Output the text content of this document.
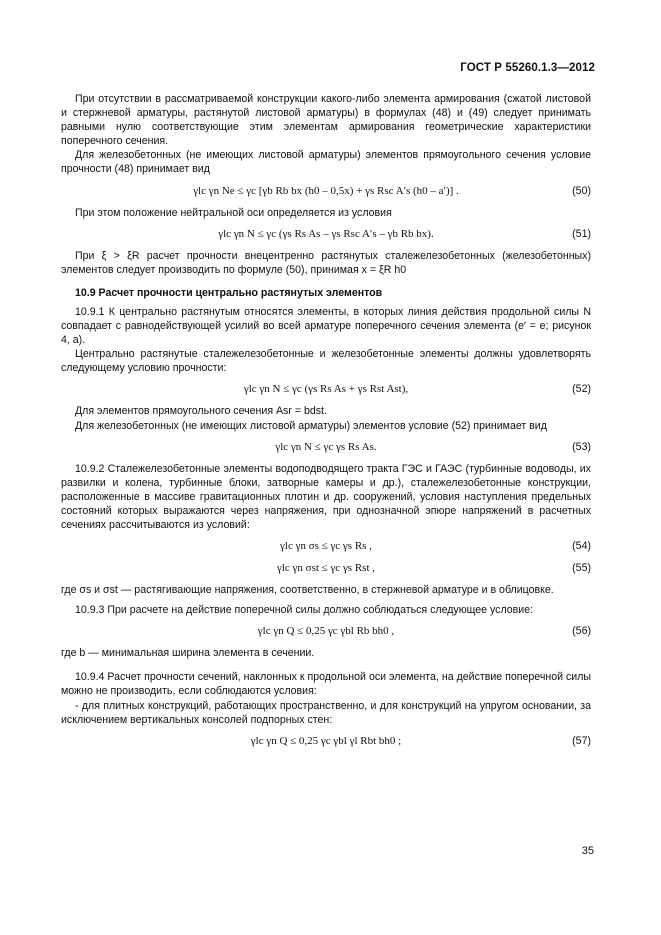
ГОСТ Р 55260.1.3—2012

При отсутствии в рассматриваемой конструкции какого-либо элемента армирования (сжатой листовой и стержневой арматуры, растянутой листовой арматуры) в формулах (48) и (49) следует принимать равными нулю соответствующие этим элементам армирования геометрические характеристики поперечного сечения.

Для железобетонных (не имеющих листовой арматуры) элементов прямоугольного сечения условие прочности (48) принимает вид

γlc γn Ne ≤ γc [γb Rb bx (h0 – 0,5x) + γs Rsc A′s (h0 – a′)] .	(50)

При этом положение нейтральной оси определяется из условия

γlc γn N ≤ γc (γs Rs As – γs Rsc A′s – γb Rb bx).	(51)

При ξ > ξR расчет прочности внецентренно растянутых сталежелезобетонных (железобетонных) элементов следует производить по формуле (50), принимая x = ξR h0

10.9 Расчет прочности центрально растянутых элементов

10.9.1 К центрально растянутым относятся элементы, в которых линия действия продольной силы N совпадает с равнодействующей усилий во всей арматуре поперечного сечения элемента (e′ = e; рисунок 4, а).

Центрально растянутые сталежелезобетонные и железобетонные элементы должны удовлетворять следующему условию прочности:

γlc γn N ≤ γc (γs Rs As + γs Rst Ast),	(52)

Для элементов прямоугольного сечения Asr = bdst.

Для железобетонных (не имеющих листовой арматуры) элементов условие (52) принимает вид

γlc γn N ≤ γc γs Rs As.	(53)

10.9.2 Сталежелезобетонные элементы водоподводящего тракта ГЭС и ГАЭС (турбинные водоводы, их развилки и колена, турбинные блоки, затворные камеры и др.), сталежелезобетонные конструкции, расположенные в массиве гравитационных плотин и др. сооружений, условия наступления предельных состояний которых выражаются через напряжения, при однозначной эпюре напряжений в расчетных сечениях рассчитываются из условий:

γlc γn σs ≤ γc γs Rs ,	(54)
γlc γn σst ≤ γc γs Rst ,	(55)

где σs и σst — растягивающие напряжения, соответственно, в стержневой арматуре и в облицовке.

10.9.3 При расчете на действие поперечной силы должно соблюдаться следующее условие:

γlc γn Q ≤ 0,25 γc γbl Rb bh0 ,	(56)

где b — минимальная ширина элемента в сечении.

10.9.4 Расчет прочности сечений, наклонных к продольной оси элемента, на действие поперечной силы можно не производить, если соблюдаются условия:

- для плитных конструкций, работающих пространственно, и для конструкций на упругом основании, за исключением вертикальных консолей подпорных стен:

γlc γn Q ≤ 0,25 γc γbl γl Rbt bh0 ;	(57)
35
